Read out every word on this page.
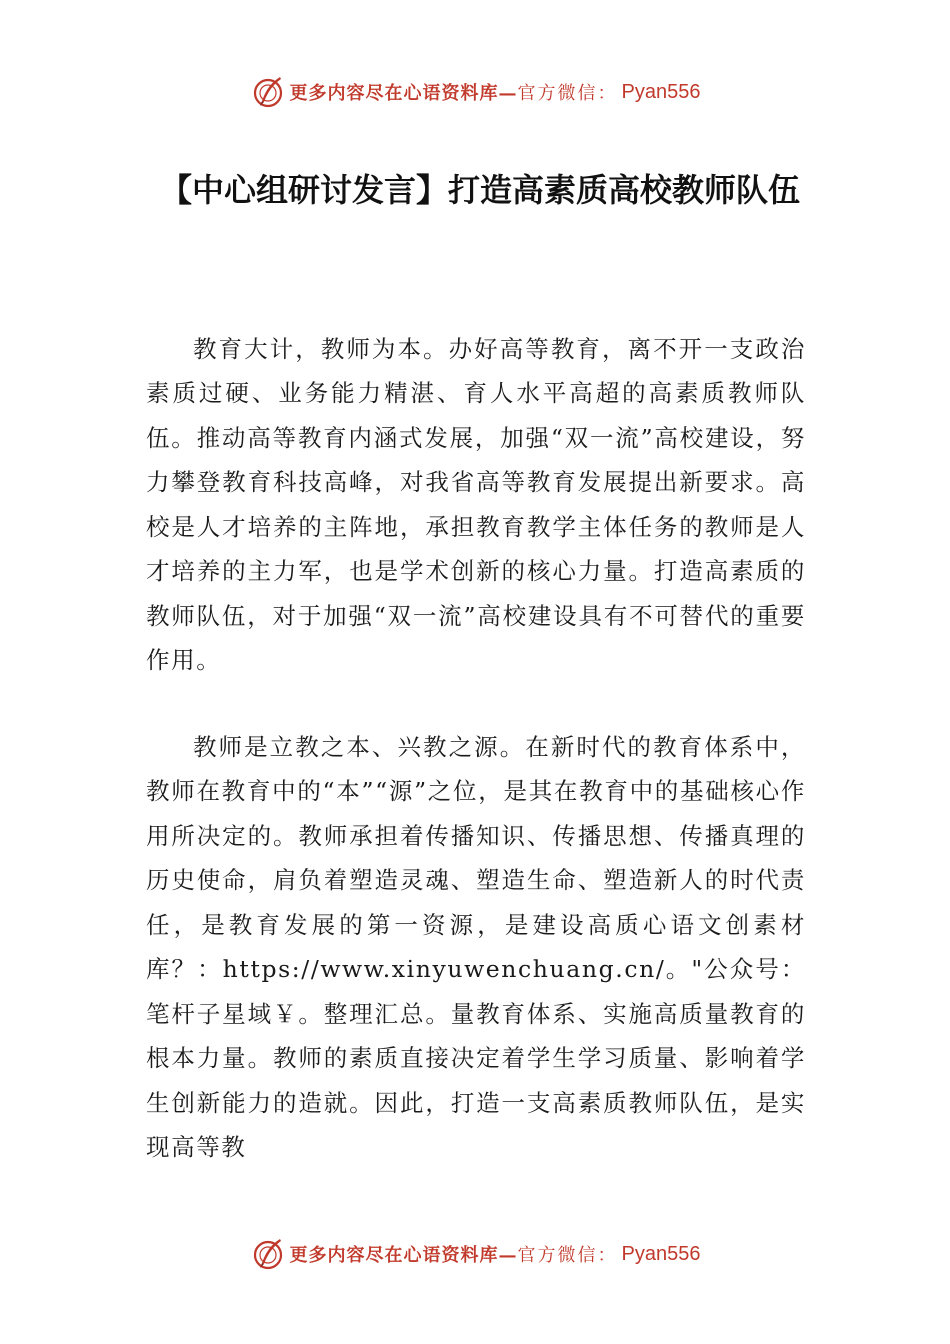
更多内容尽在心语资料库— 官方微信： Pyan556
【中心组研讨发言】打造高素质高校教师队伍

教育大计，教师为本。办好高等教育，离不开一支政治素质过硬、业务能力精湛、育人水平高超的高素质教师队伍。推动高等教育内涵式发展，加强“双一流”高校建设，努力攀登教育科技高峰，对我省高等教育发展提出新要求。高校是人才培养的主阵地，承担教育教学主体任务的教师是人才培养的主力军，也是学术创新的核心力量。打造高素质的教师队伍，对于加强“双一流”高校建设具有不可替代的重要作用。

教师是立教之本、兴教之源。在新时代的教育体系中，教师在教育中的“本”“源”之位，是其在教育中的基础核心作用所决定的。教师承担着传播知识、传播思想、传播真理的历史使命，肩负着塑造灵魂、塑造生命、塑造新人的时代责任，是教育发展的第一资源，是建设高质心语文创素材库？：https://www.xinyuwenchuang.cn/。"公众号：笔杆子星域￥。整理汇总。量教育体系、实施高质量教育的根本力量。教师的素质直接决定着学生学习质量、影响着学生创新能力的造就。因此，打造一支高素质教师队伍，是实现高等教

更多内容尽在心语资料库— 官方微信： Pyan556
